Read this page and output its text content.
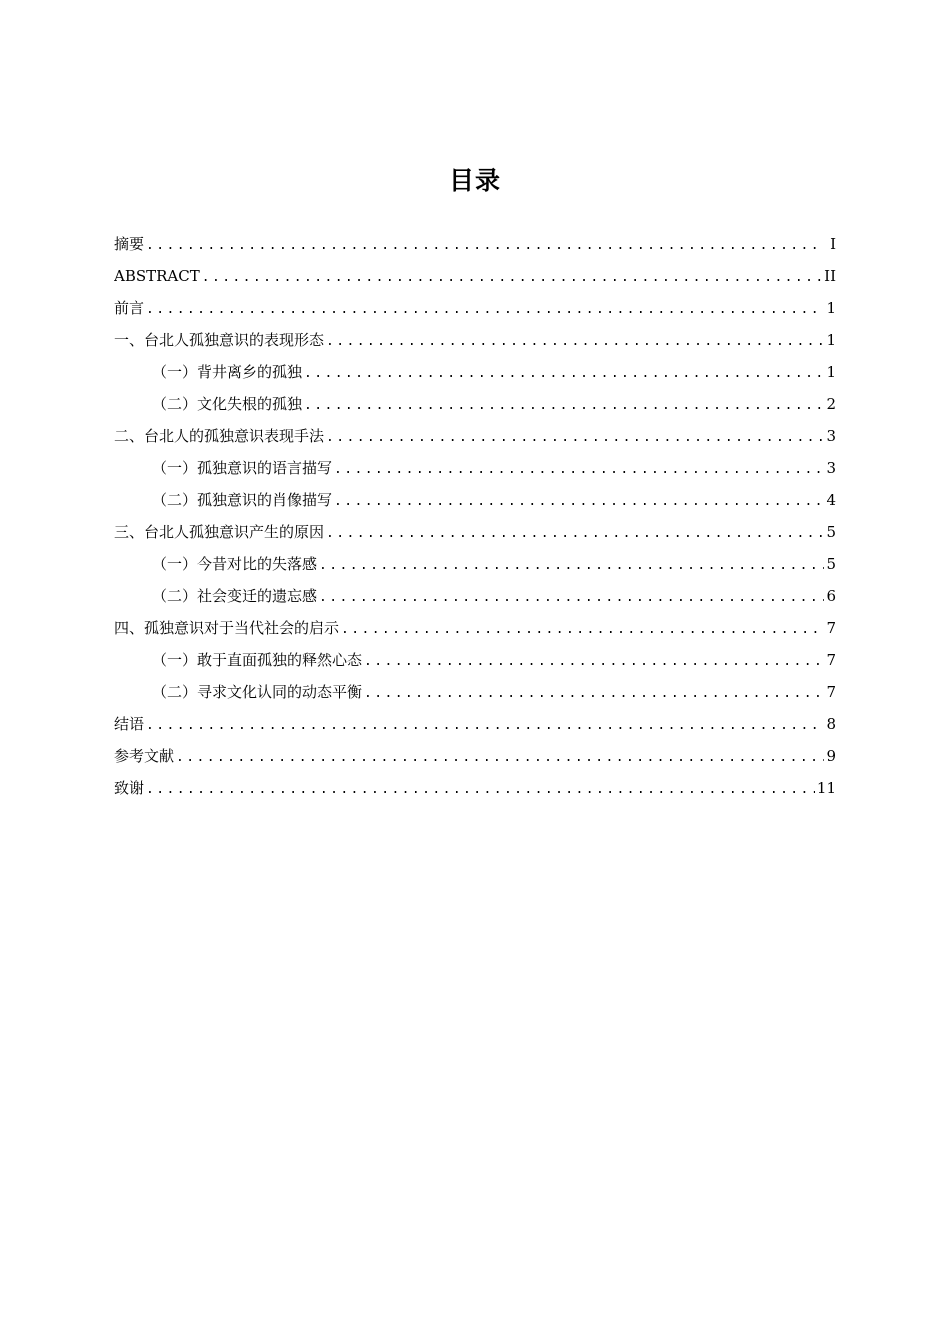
目录
摘要 .....	I
ABSTRACT .....	II
前言 .....	1
一、台北人孤独意识的表现形态 .....	1
（一）背井离乡的孤独 .....	1
（二）文化失根的孤独 .....	2
二、台北人的孤独意识表现手法 .....	3
（一）孤独意识的语言描写 .....	3
（二）孤独意识的肖像描写 .....	4
三、台北人孤独意识产生的原因 .....	5
（一）今昔对比的失落感 .....	5
（二）社会变迁的遗忘感 .....	6
四、孤独意识对于当代社会的启示 .....	7
（一）敢于直面孤独的释然心态 .....	7
（二）寻求文化认同的动态平衡 .....	7
结语 .....	8
参考文献 .....	9
致谢 .....	11
